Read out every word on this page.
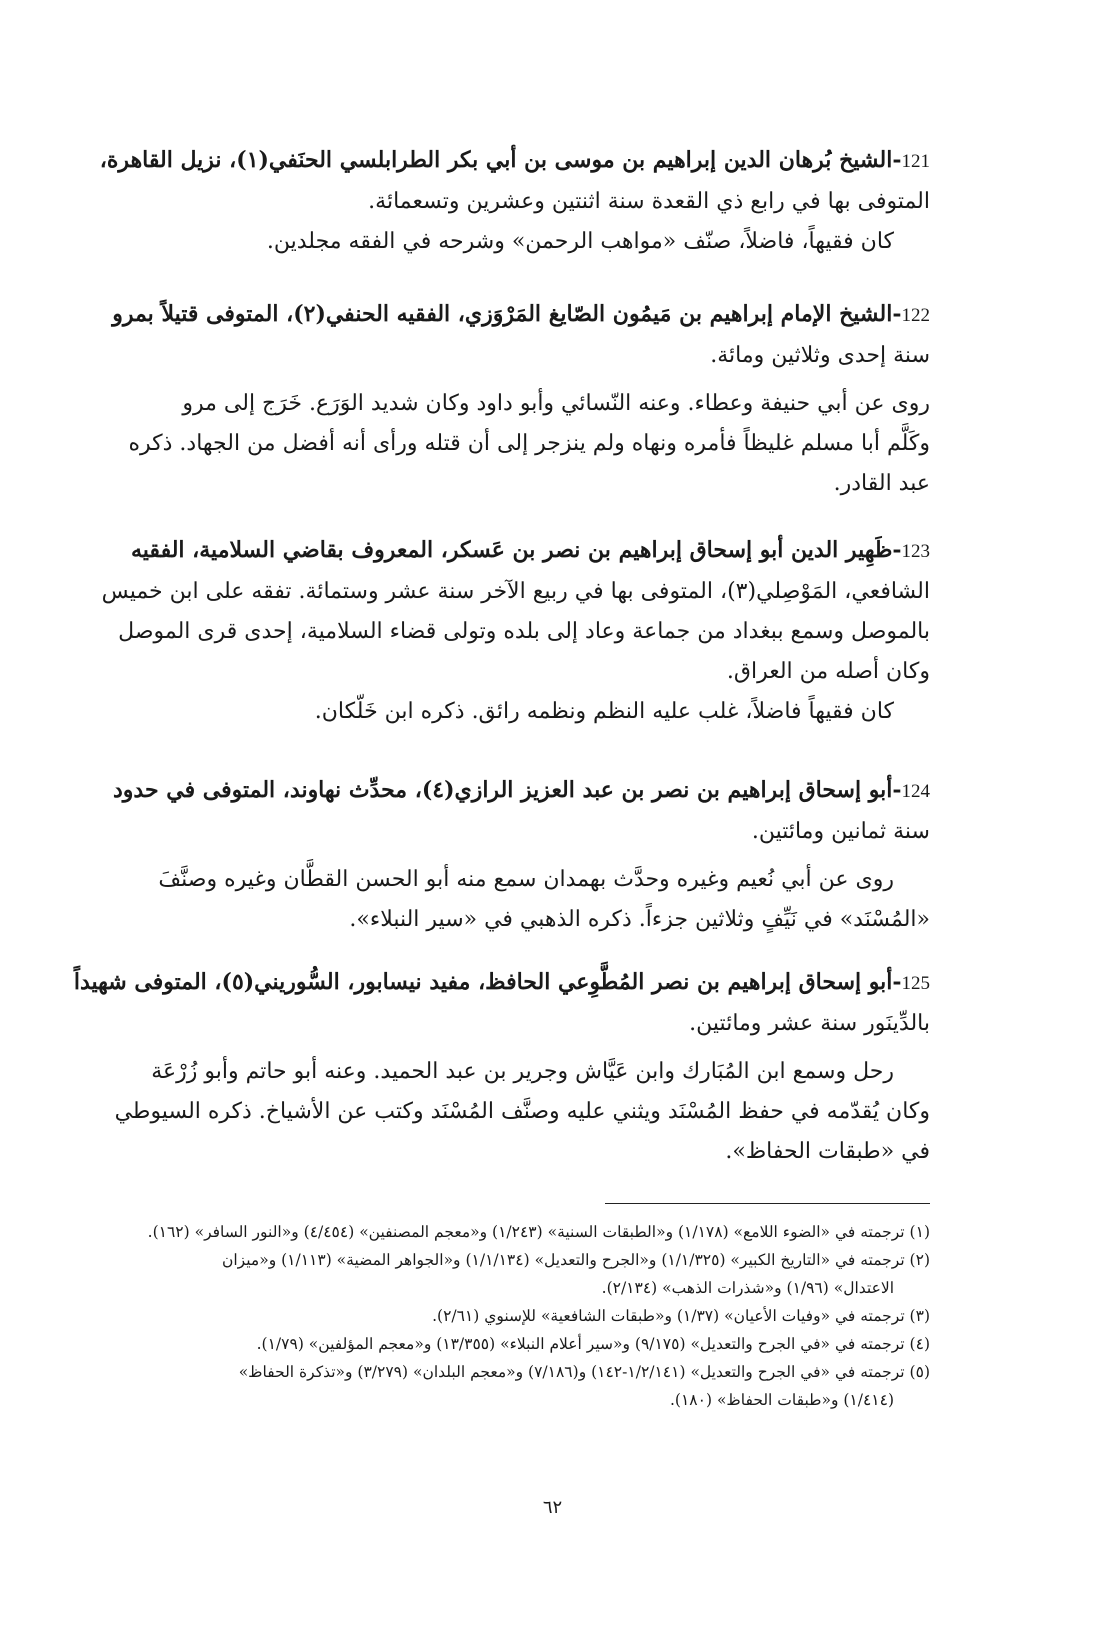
121-الشيخ بُرهان الدين إبراهيم بن موسى بن أبي بكر الطرابلسي الحنَفي(١)، نزيل القاهرة،
المتوفى بها في رابع ذي القعدة سنة اثنتين وعشرين وتسعمائة.
كان فقيهاً، فاضلاً، صنّف «مواهب الرحمن» وشرحه في الفقه مجلدين.
122-الشيخ الإمام إبراهيم بن مَيمُون الصّايغ المَرْوَزي، الفقيه الحنفي(٢)، المتوفى قتيلاً بمرو
سنة إحدى وثلاثين ومائة.
روى عن أبي حنيفة وعطاء. وعنه النّسائي وأبو داود وكان شديد الوَرَع. خَرَج إلى مرو
وكَلَّم أبا مسلم غليظاً فأمره ونهاه ولم ينزجر إلى أن قتله ورأى أنه أفضل من الجهاد. ذكره
عبد القادر.
123-ظَهِير الدين أبو إسحاق إبراهيم بن نصر بن عَسكر، المعروف بقاضي السلامية، الفقيه
الشافعي، المَوْصِلي(٣)، المتوفى بها في ربيع الآخر سنة عشر وستمائة. تفقه على ابن خميس
بالموصل وسمع ببغداد من جماعة وعاد إلى بلده وتولى قضاء السلامية، إحدى قرى الموصل
وكان أصله من العراق.
كان فقيهاً فاضلاً، غلب عليه النظم ونظمه رائق. ذكره ابن خَلّكان.
124-أبو إسحاق إبراهيم بن نصر بن عبد العزيز الرازي(٤)، محدِّث نهاوند، المتوفى في حدود
سنة ثمانين ومائتين.
روى عن أبي نُعيم وغيره وحدَّث بهمدان سمع منه أبو الحسن القطَّان وغيره وصنَّفَ
«المُسْنَد» في نَيِّفٍ وثلاثين جزءاً. ذكره الذهبي في «سير النبلاء».
125-أبو إسحاق إبراهيم بن نصر المُطَّوِعي الحافظ، مفيد نيسابور، السُّوريني(٥)، المتوفى شهيداً
بالدِّينَور سنة عشر ومائتين.
رحل وسمع ابن المُبَارك وابن عَيَّاش وجرير بن عبد الحميد. وعنه أبو حاتم وأبو زُرْعَة
وكان يُقدّمه في حفظ المُسْنَد ويثني عليه وصنَّف المُسْنَد وكتب عن الأشياخ. ذكره السيوطي
في «طبقات الحفاظ».
(١) ترجمته في «الضوء اللامع» (١/١٧٨) و«الطبقات السنية» (١/٢٤٣) و«معجم المصنفين» (٤/٤٥٤) و«النور السافر» (١٦٢).
(٢) ترجمته في «التاريخ الكبير» (١/١/٣٢٥) و«الجرح والتعديل» (١/١/١٣٤) و«الجواهر المضية» (١/١١٣) و«ميزان
الاعتدال» (١/٩٦) و«شذرات الذهب» (٢/١٣٤).
(٣) ترجمته في «وفيات الأعيان» (١/٣٧) و«طبقات الشافعية» للإسنوي (٢/٦١).
(٤) ترجمته في «في الجرح والتعديل» (٩/١٧٥) و«سير أعلام النبلاء» (١٣/٣٥٥) و«معجم المؤلفين» (١/٧٩).
(٥) ترجمته في «في الجرح والتعديل» (١/٢/١٤١-١٤٢) و(٧/١٨٦) و«معجم البلدان» (٣/٢٧٩) و«تذكرة الحفاظ»
(١/٤١٤) و«طبقات الحفاظ» (١٨٠).
٦٢
